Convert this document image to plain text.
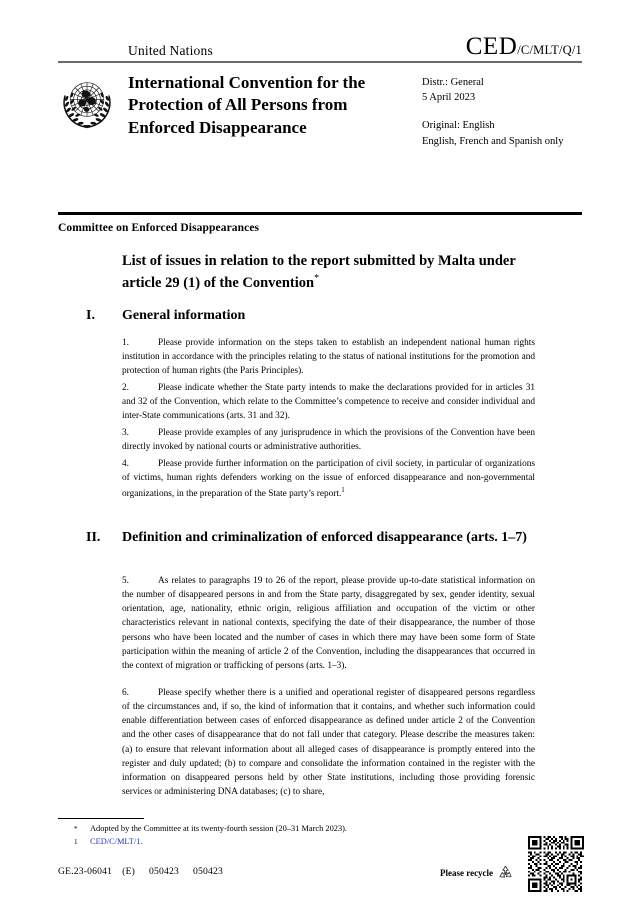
United Nations	CED/C/MLT/Q/1
International Convention for the Protection of All Persons from Enforced Disappearance
Distr.: General
5 April 2023
Original: English
English, French and Spanish only
Committee on Enforced Disappearances
List of issues in relation to the report submitted by Malta under article 29 (1) of the Convention*
I.	General information
1.	Please provide information on the steps taken to establish an independent national human rights institution in accordance with the principles relating to the status of national institutions for the promotion and protection of human rights (the Paris Principles).
2.	Please indicate whether the State party intends to make the declarations provided for in articles 31 and 32 of the Convention, which relate to the Committee’s competence to receive and consider individual and inter-State communications (arts. 31 and 32).
3.	Please provide examples of any jurisprudence in which the provisions of the Convention have been directly invoked by national courts or administrative authorities.
4.	Please provide further information on the participation of civil society, in particular of organizations of victims, human rights defenders working on the issue of enforced disappearance and non-governmental organizations, in the preparation of the State party’s report.$^1$
II.	Definition and criminalization of enforced disappearance (arts. 1–7)
5.	As relates to paragraphs 19 to 26 of the report, please provide up-to-date statistical information on the number of disappeared persons in and from the State party, disaggregated by sex, gender identity, sexual orientation, age, nationality, ethnic origin, religious affiliation and occupation of the victim or other characteristics relevant in national contexts, specifying the date of their disappearance, the number of those persons who have been located and the number of cases in which there may have been some form of State participation within the meaning of article 2 of the Convention, including the disappearances that occurred in the context of migration or trafficking of persons (arts. 1–3).
6.	Please specify whether there is a unified and operational register of disappeared persons regardless of the circumstances and, if so, the kind of information that it contains, and whether such information could enable differentiation between cases of enforced disappearance as defined under article 2 of the Convention and the other cases of disappearance that do not fall under that category. Please describe the measures taken: (a) to ensure that relevant information about all alleged cases of disappearance is promptly entered into the register and duly updated; (b) to compare and consolidate the information contained in the register with the information on disappeared persons held by other State institutions, including those providing forensic services or administering DNA databases; (c) to share,
*	Adopted by the Committee at its twenty-fourth session (20–31 March 2023).
1	CED/C/MLT/1.
GE.23-06041 (E) 050423 050423	Please recycle
